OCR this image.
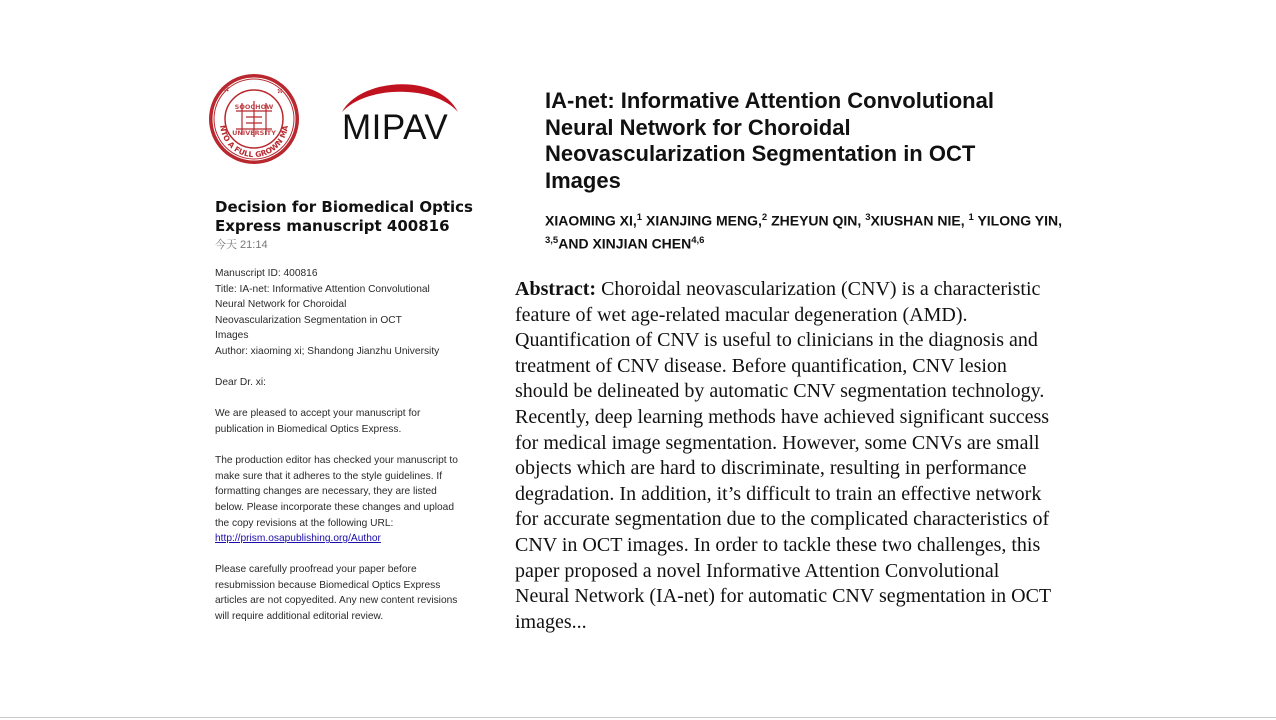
NTO A FULL GROWN MA
✣	✣
SOOCHOW
UNIVERSITY MIPAV
Decision for Biomedical Optics Express manuscript 400816
今天 21:14

Manuscript ID: 400816
Title: IA-net: Informative Attention Convolutional
Neural Network for Choroidal
Neovascularization Segmentation in OCT
Images
Author: xiaoming xi; Shandong Jianzhu University

Dear Dr. xi:

We are pleased to accept your manuscript for
publication in Biomedical Optics Express.

The production editor has checked your manuscript to
make sure that it adheres to the style guidelines. If
formatting changes are necessary, they are listed
below. Please incorporate these changes and upload
the copy revisions at the following URL:
http://prism.osapublishing.org/Author

Please carefully proofread your paper before
resubmission because Biomedical Optics Express
articles are not copyedited. Any new content revisions
will require additional editorial review.

IA-net: Informative Attention Convolutional
Neural Network for Choroidal
Neovascularization Segmentation in OCT
Images
XIAOMING XI,$^1$ XIANJING MENG,$^2$ ZHEYUN QIN, $^3$XIUSHAN NIE, $^1$ YILONG YIN,
$^{3,5}$AND XINJIAN CHEN$^{4,6}$
Abstract: Choroidal neovascularization (CNV) is a characteristic
feature of wet age-related macular degeneration (AMD).
Quantification of CNV is useful to clinicians in the diagnosis and
treatment of CNV disease. Before quantification, CNV lesion
should be delineated by automatic CNV segmentation technology.
Recently, deep learning methods have achieved significant success
for medical image segmentation. However, some CNVs are small
objects which are hard to discriminate, resulting in performance
degradation. In addition, it’s difficult to train an effective network
for accurate segmentation due to the complicated characteristics of
CNV in OCT images. In order to tackle these two challenges, this
paper proposed a novel Informative Attention Convolutional
Neural Network (IA-net) for automatic CNV segmentation in OCT
images...
